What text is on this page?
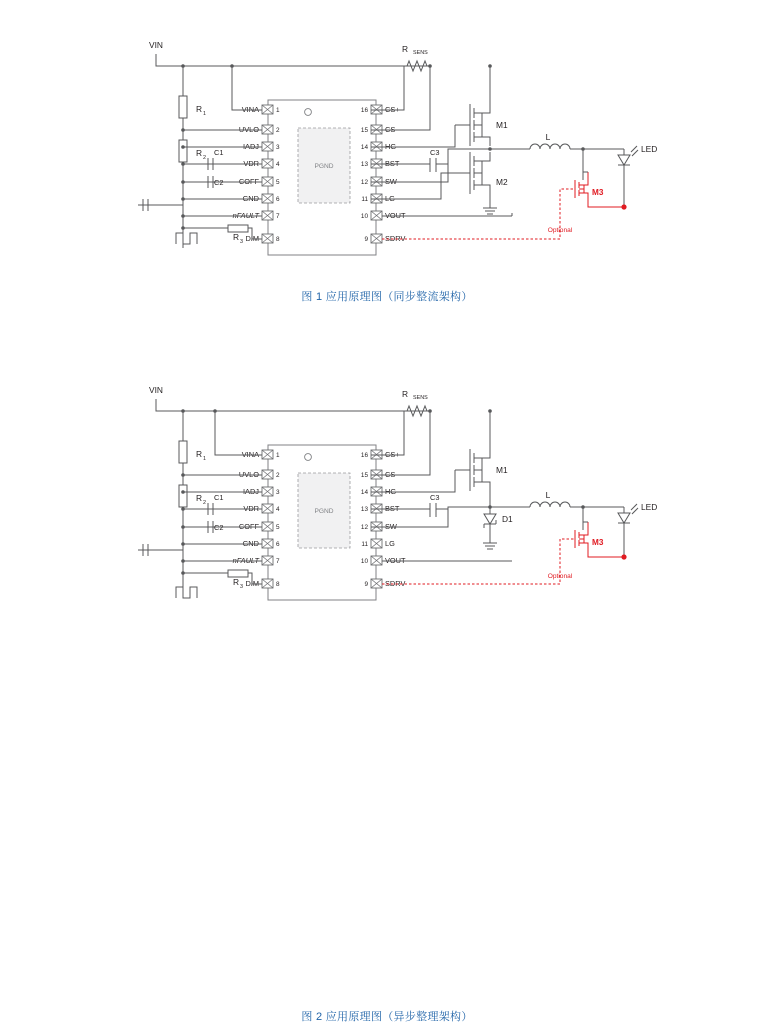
PGND
1
VINA
2
UVLO
3
IADJ
4
VDR
5
COFF
6
GND
7
nFAULT
8
DIM
16 CS+
15 CS-
14 HG
13 BST
12 SW
11 LG
10 VOUT
9 SDRV
VIN	R SENS
R 1
R 2
C1
C2
R 3
M1
M2
C3
L
LED
M3
Optional
图 1 应用原理图（同步整流架构）
PGND
1
VINA
2
UVLO
3
IADJ
4
VDR
5
COFF
6
GND
7
nFAULT
8
DIM
16 CS+
15 CS-
14 HG
13 BST
12 SW
11 LG
10 VOUT
9 SDRV
VIN	R SENS
R 1
R 2
C1
C2
R 3
M1
C3
D1
L
LED
M3
Optional
图 2 应用原理图（异步整理架构）
